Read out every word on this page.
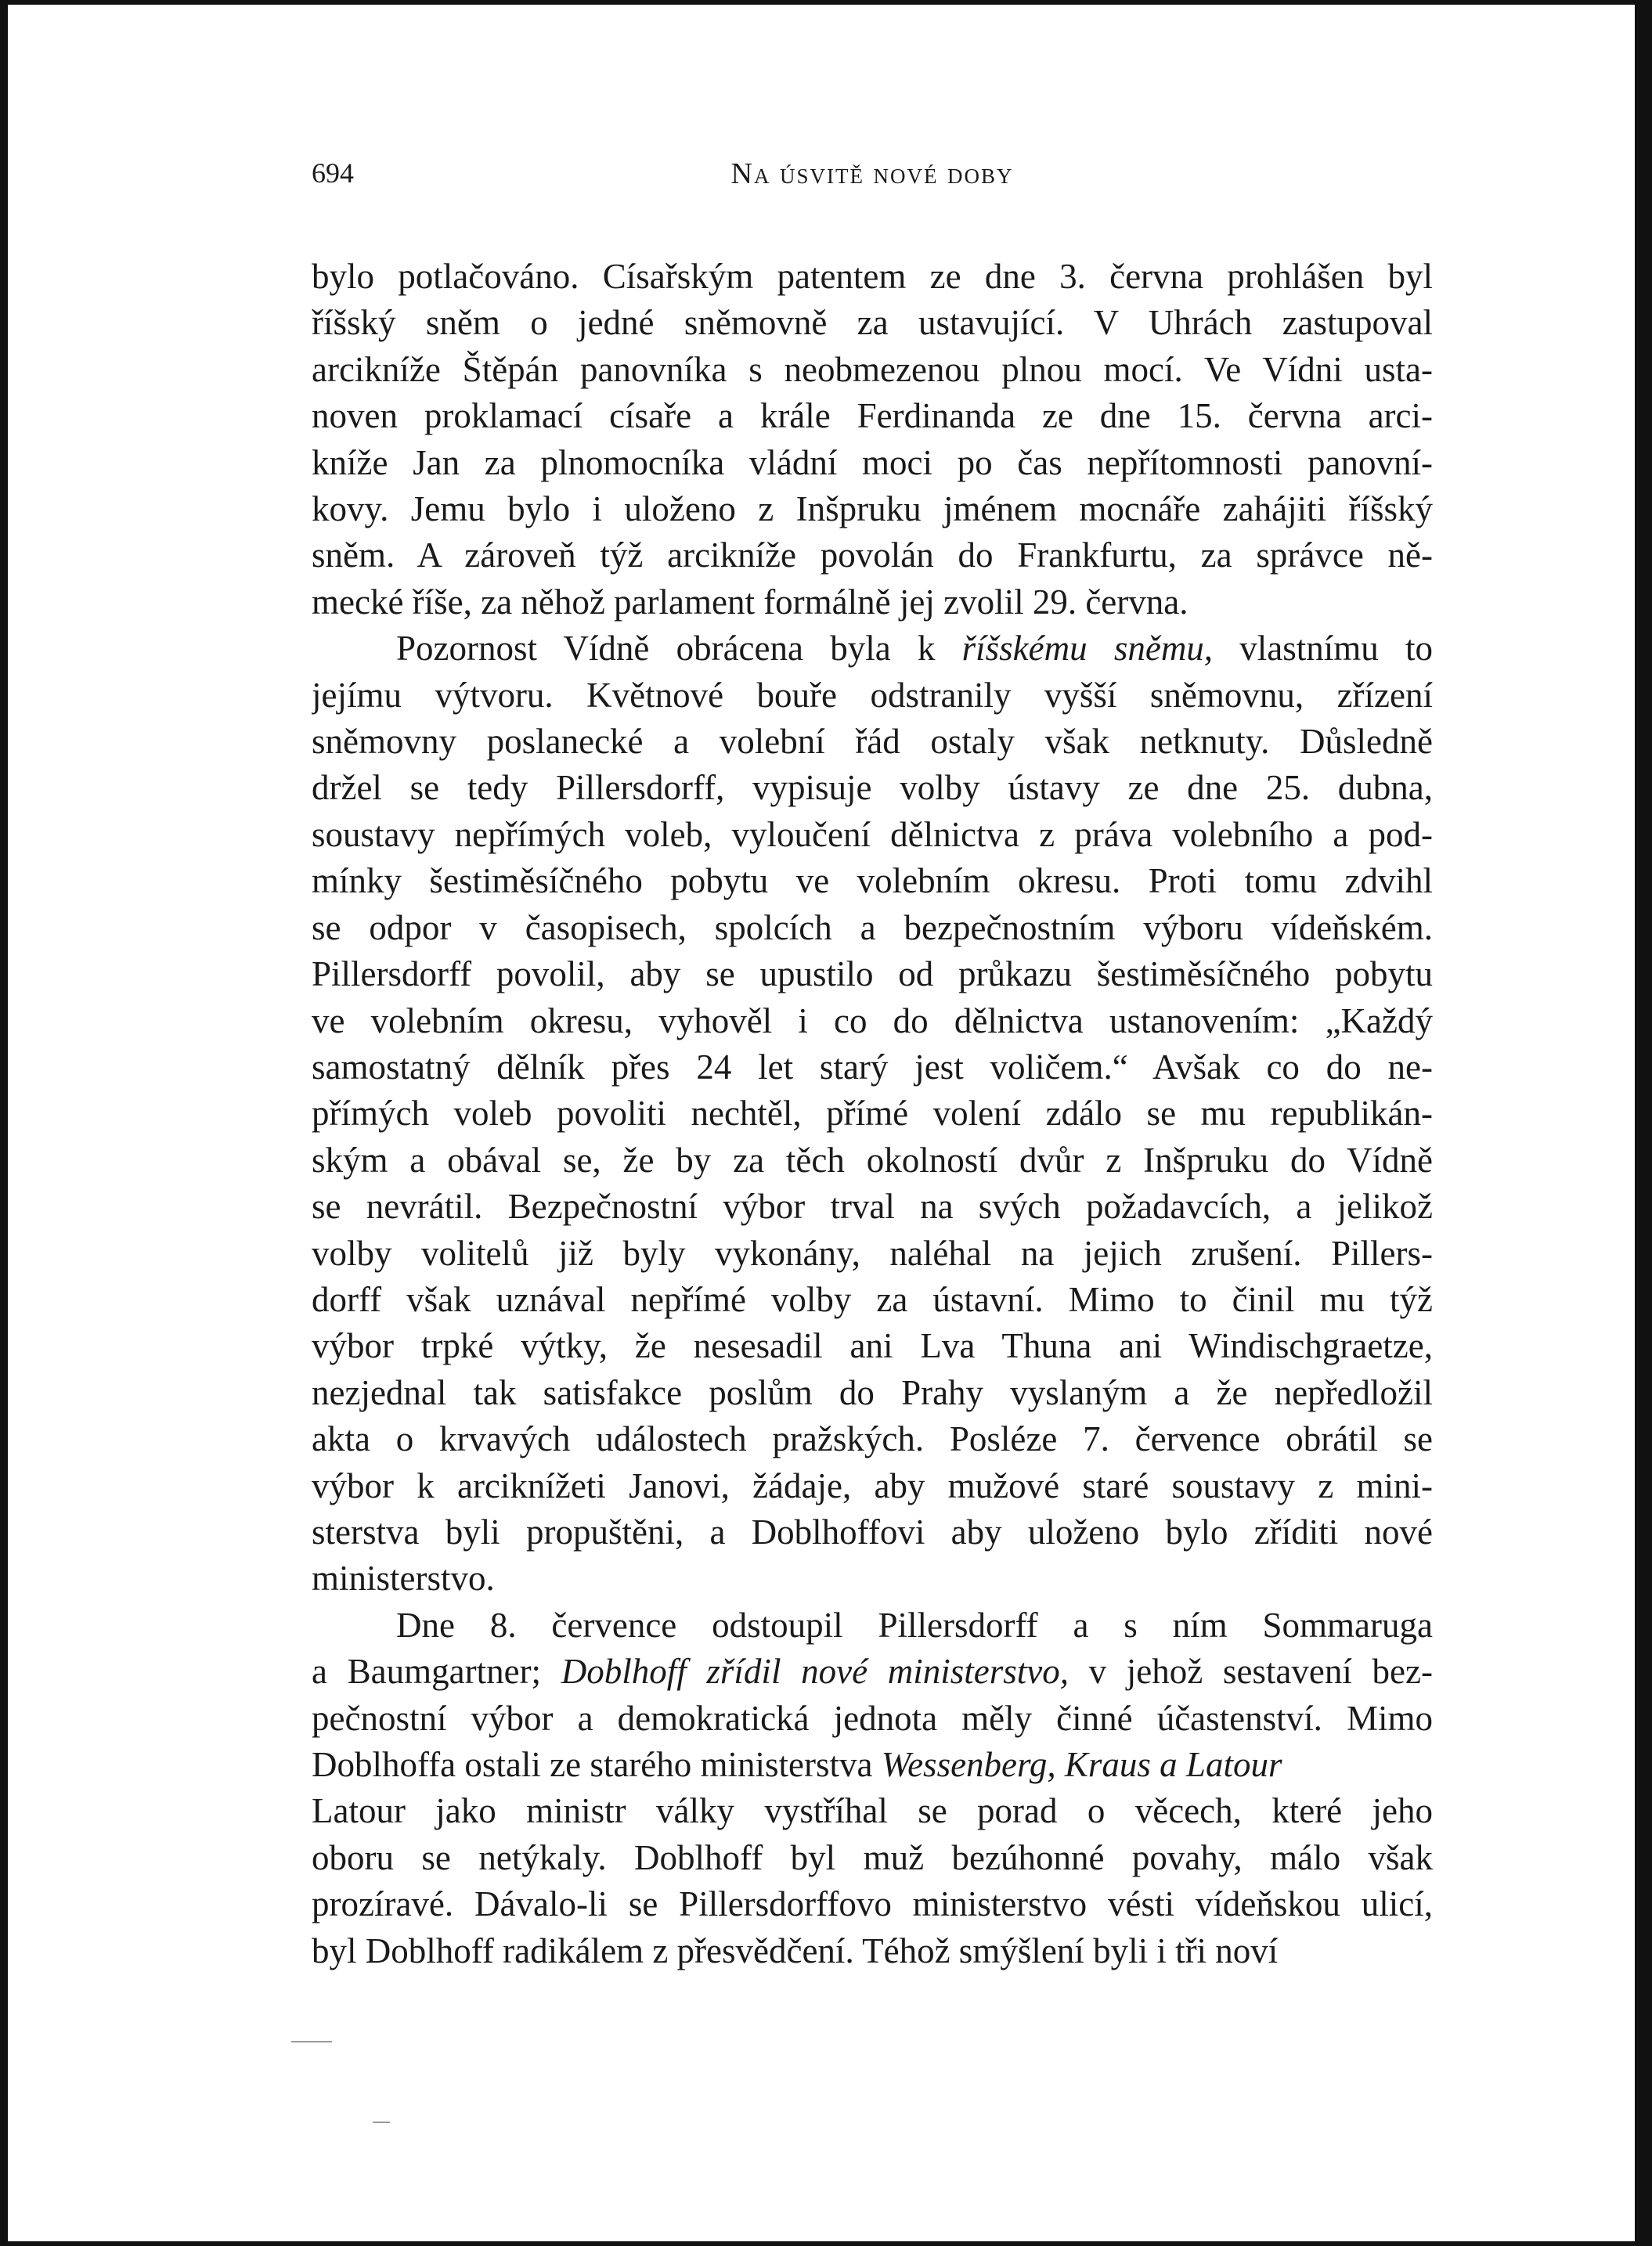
694	Na úsvitě nové doby
bylo potlačováno. Císařským patentem ze dne 3. června prohlášen byl
říšský sněm o jedné sněmovně za ustavující. V Uhrách zastupoval
arcikníže Štěpán panovníka s neobmezenou plnou mocí. Ve Vídni usta-
noven proklamací císaře a krále Ferdinanda ze dne 15. června arci-
kníže Jan za plnomocníka vládní moci po čas nepřítomnosti panovní-
kovy. Jemu bylo i uloženo z Inšpruku jménem mocnáře zahájiti říšský
sněm. A zároveň týž arcikníže povolán do Frankfurtu, za správce ně-
mecké říše, za něhož parlament formálně jej zvolil 29. června.
Pozornost Vídně obrácena byla k říšskému sněmu, vlastnímu to
jejímu výtvoru. Květnové bouře odstranily vyšší sněmovnu, zřízení
sněmovny poslanecké a volební řád ostaly však netknuty. Důsledně
držel se tedy Pillersdorff, vypisuje volby ústavy ze dne 25. dubna,
soustavy nepřímých voleb, vyloučení dělnictva z práva volebního a pod-
mínky šestiměsíčného pobytu ve volebním okresu. Proti tomu zdvihl
se odpor v časopisech, spolcích a bezpečnostním výboru vídeňském.
Pillersdorff povolil, aby se upustilo od průkazu šestiměsíčného pobytu
ve volebním okresu, vyhověl i co do dělnictva ustanovením: „Každý
samostatný dělník přes 24 let starý jest voličem.“ Avšak co do ne-
přímých voleb povoliti nechtěl, přímé volení zdálo se mu republikán-
ským a obával se, že by za těch okolností dvůr z Inšpruku do Vídně
se nevrátil. Bezpečnostní výbor trval na svých požadavcích, a jelikož
volby volitelů již byly vykonány, naléhal na jejich zrušení. Pillers-
dorff však uznával nepřímé volby za ústavní. Mimo to činil mu týž
výbor trpké výtky, že nesesadil ani Lva Thuna ani Windischgraetze,
nezjednal tak satisfakce poslům do Prahy vyslaným a že nepředložil
akta o krvavých událostech pražských. Posléze 7. července obrátil se
výbor k arciknížeti Janovi, žádaje, aby mužové staré soustavy z mini-
sterstva byli propuštěni, a Doblhoffovi aby uloženo bylo zříditi nové
ministerstvo.
Dne 8. července odstoupil Pillersdorff a s ním Sommaruga
a Baumgartner; Doblhoff zřídil nové ministerstvo, v jehož sestavení bez-
pečnostní výbor a demokratická jednota měly činné účastenství. Mimo
Doblhoffa ostali ze starého ministerstva Wessenberg, Kraus a Latour
Latour jako ministr války vystříhal se porad o věcech, které jeho
oboru se netýkaly. Doblhoff byl muž bezúhonné povahy, málo však
prozíravé. Dávalo-li se Pillersdorffovo ministerstvo vésti vídeňskou ulicí,
byl Doblhoff radikálem z přesvědčení. Téhož smýšlení byli i tři noví
